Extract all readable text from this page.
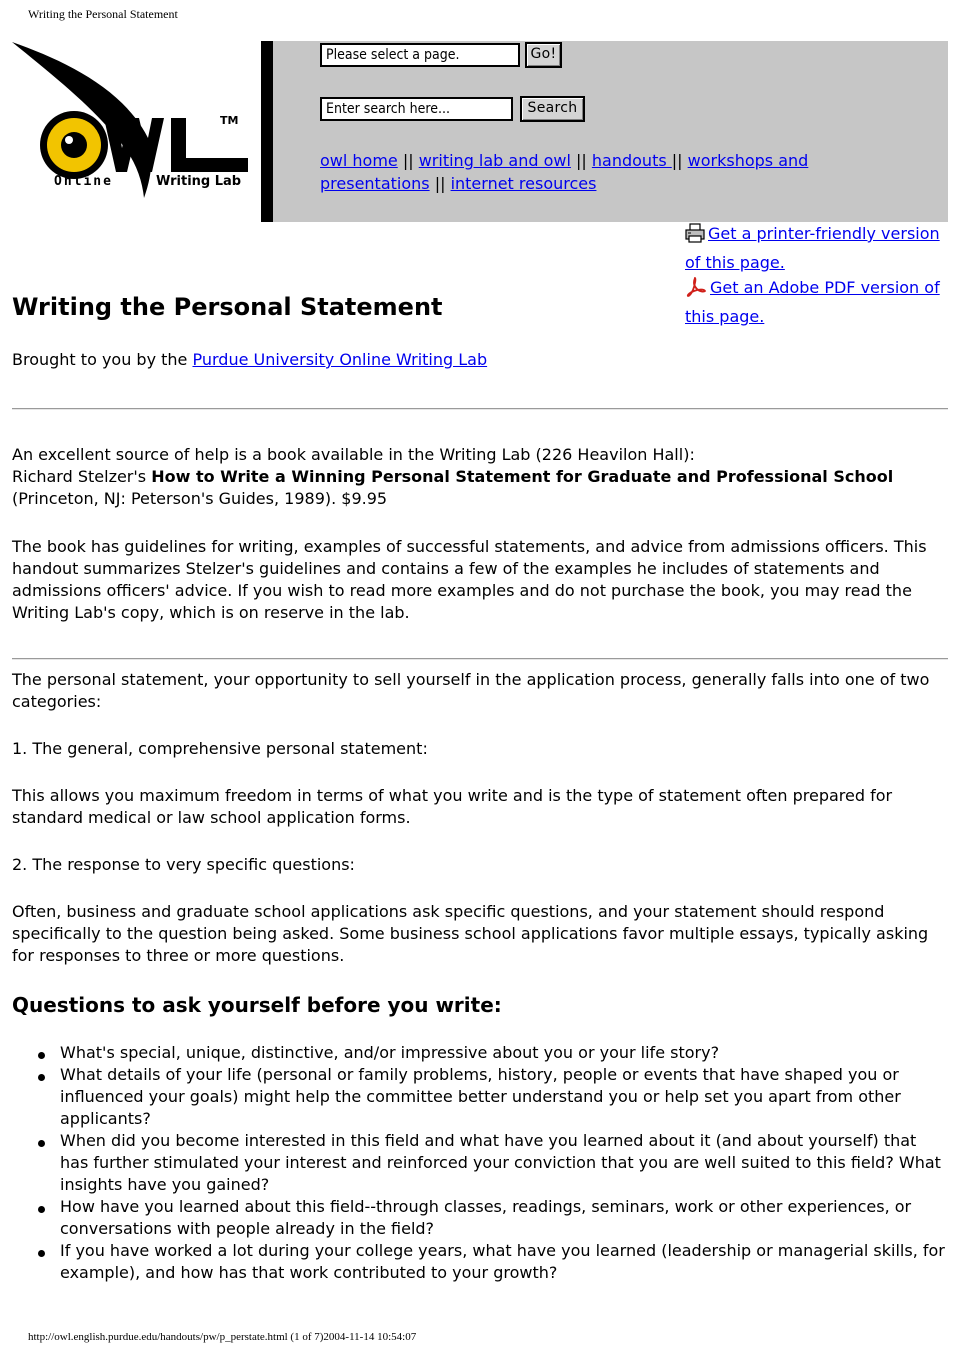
Writing the Personal Statement
TM
Online	Writing Lab
Please select a page.	Go!
Enter search here...	Search
owl home || writing lab and owl || handouts || workshops and presentations || internet resources
Get a printer-friendly version of this page.
Get an Adobe PDF version of this page.
Writing the Personal Statement
Brought to you by the Purdue University Online Writing Lab

An excellent source of help is a book available in the Writing Lab (226 Heavilon Hall):
Richard Stelzer's How to Write a Winning Personal Statement for Graduate and Professional School
(Princeton, NJ: Peterson's Guides, 1989). $9.95

The book has guidelines for writing, examples of successful statements, and advice from admissions officers. This handout summarizes Stelzer's guidelines and contains a few of the examples he includes of statements and admissions officers' advice. If you wish to read more examples and do not purchase the book, you may read the Writing Lab's copy, which is on reserve in the lab.

The personal statement, your opportunity to sell yourself in the application process, generally falls into one of two categories:

1. The general, comprehensive personal statement:

This allows you maximum freedom in terms of what you write and is the type of statement often prepared for standard medical or law school application forms.

2. The response to very specific questions:

Often, business and graduate school applications ask specific questions, and your statement should respond specifically to the question being asked. Some business school applications favor multiple essays, typically asking for responses to three or more questions.

Questions to ask yourself before you write:
What's special, unique, distinctive, and/or impressive about you or your life story?
What details of your life (personal or family problems, history, people or events that have shaped you or influenced your goals) might help the committee better understand you or help set you apart from other applicants?
When did you become interested in this field and what have you learned about it (and about yourself) that has further stimulated your interest and reinforced your conviction that you are well suited to this field? What insights have you gained?
How have you learned about this field--through classes, readings, seminars, work or other experiences, or conversations with people already in the field?
If you have worked a lot during your college years, what have you learned (leadership or managerial skills, for example), and how has that work contributed to your growth?
http://owl.english.purdue.edu/handouts/pw/p_perstate.html (1 of 7)2004-11-14 10:54:07
